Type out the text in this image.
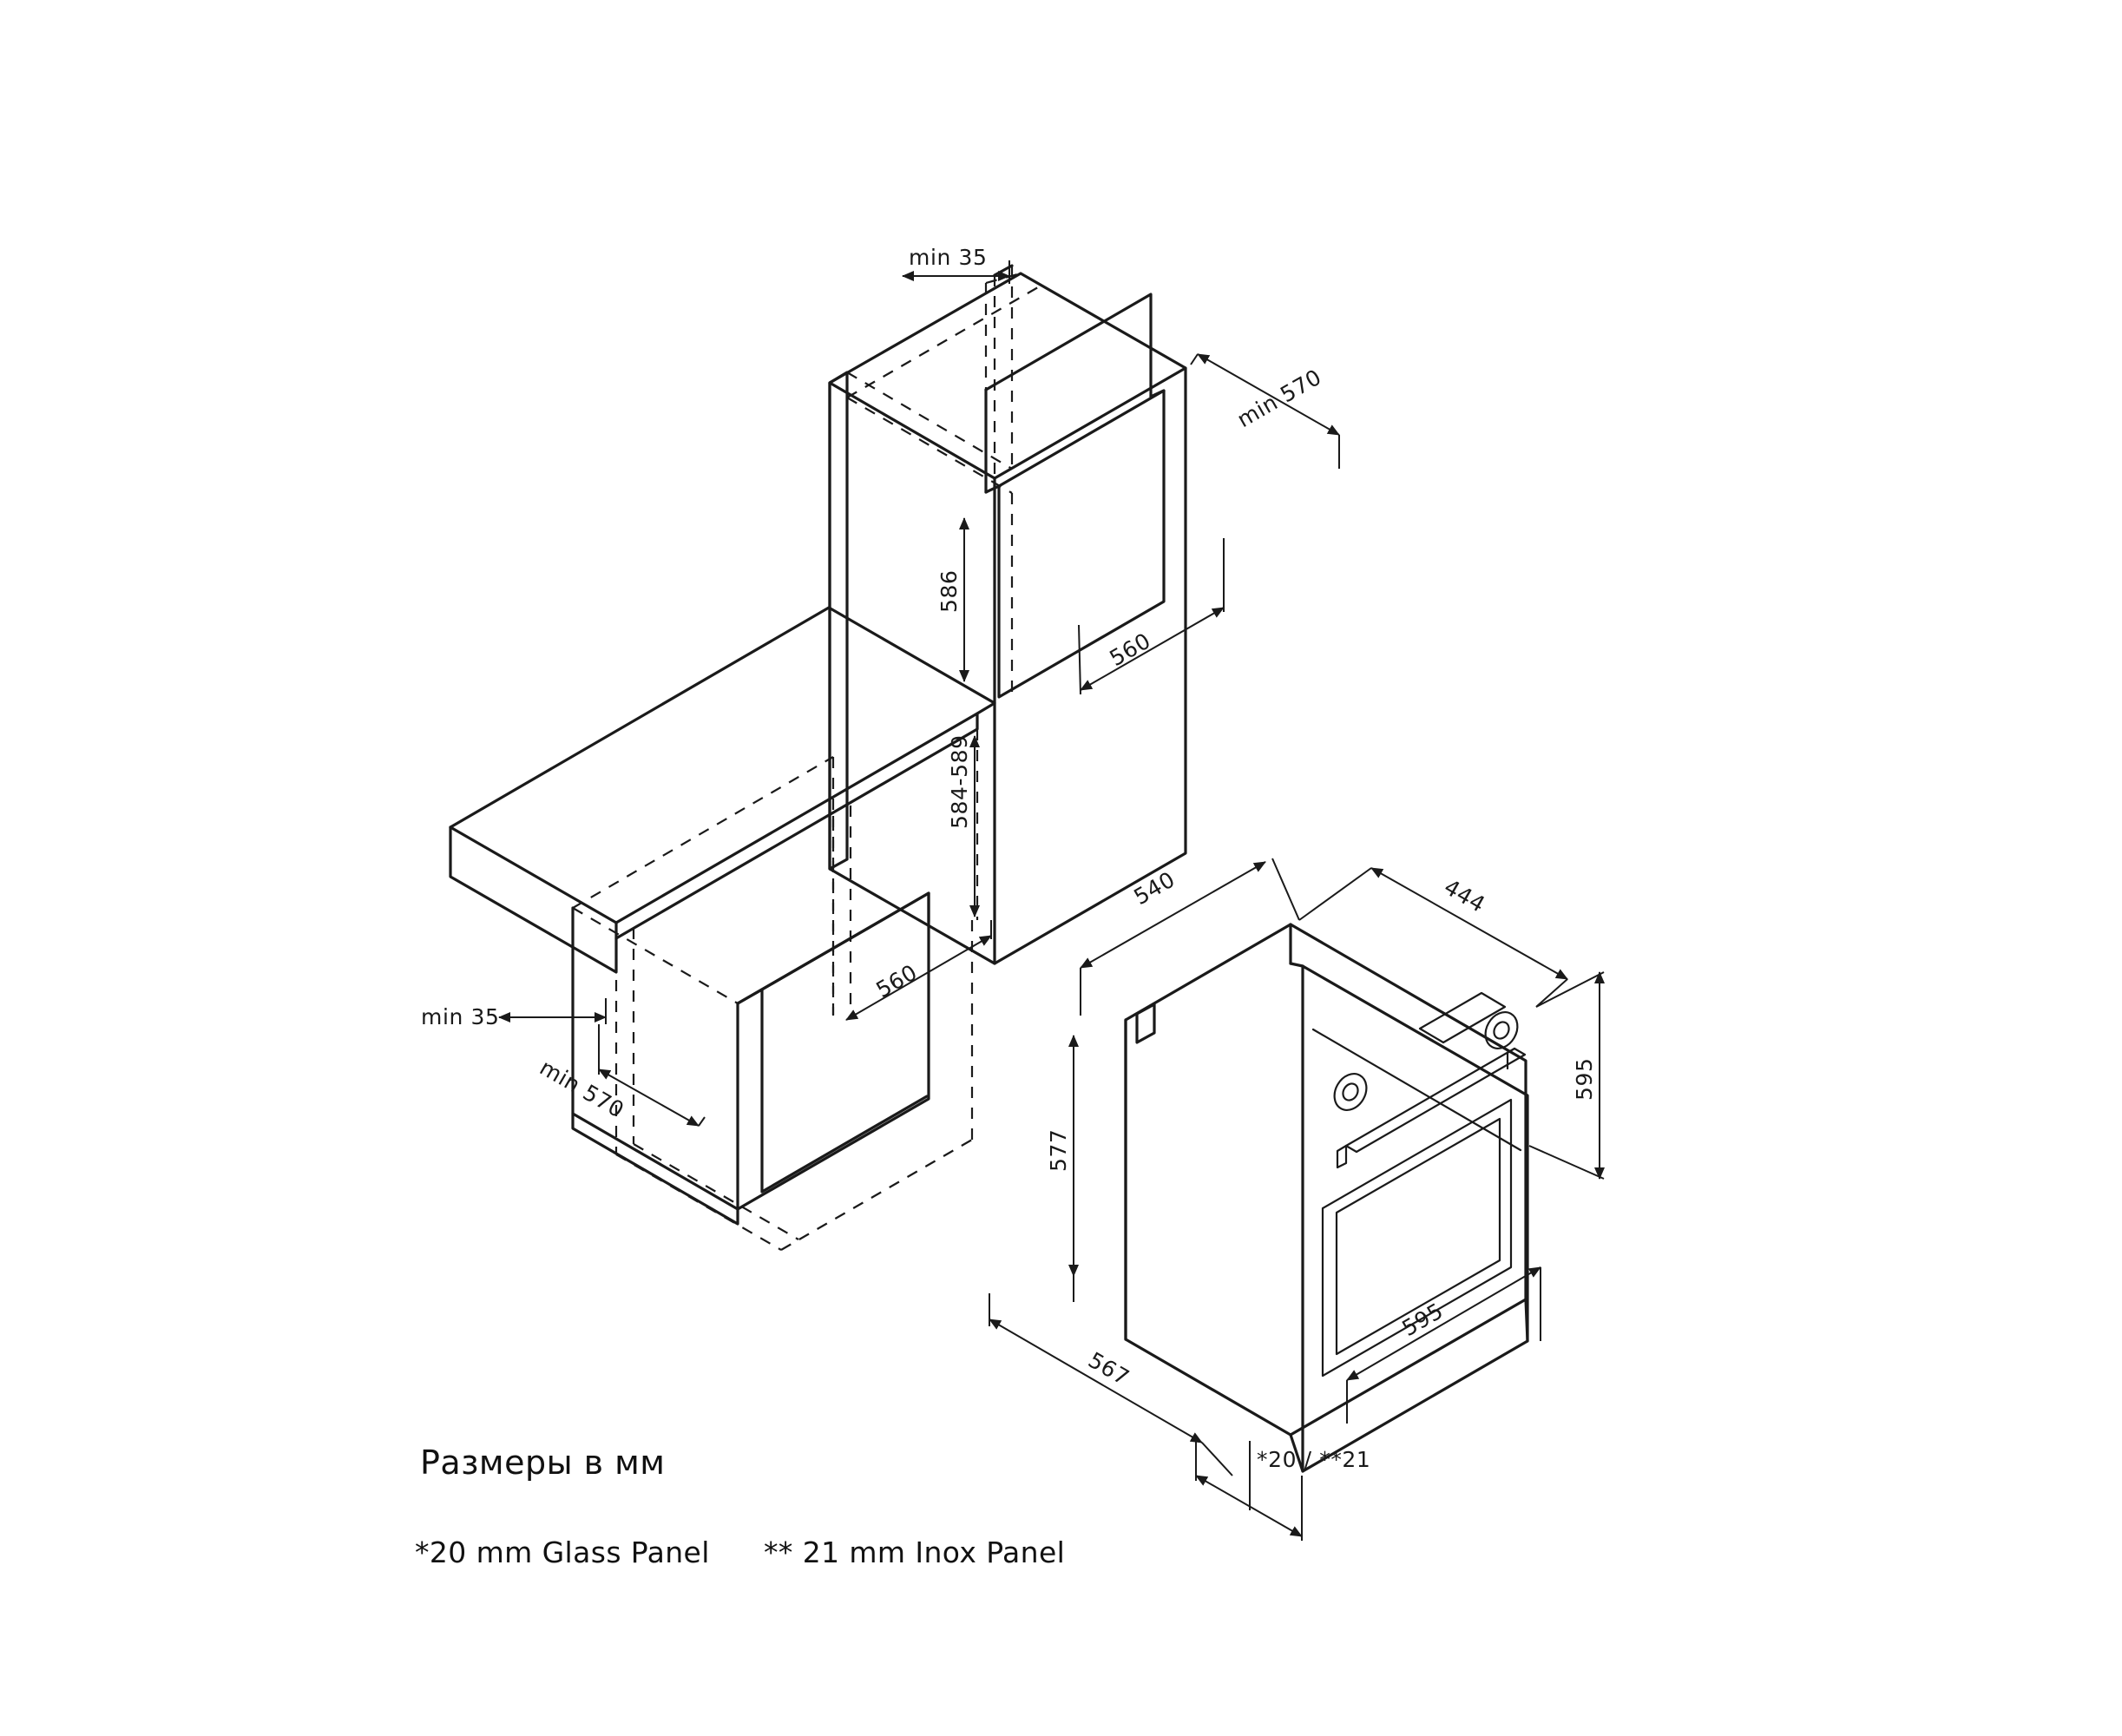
min 35
min 570
586
560
584-589
560
min 35
min 570
540	444
595
577
595
567
*20 / **21
Размеры в мм
*20 mm Glass Panel ** 21 mm Inox Panel
